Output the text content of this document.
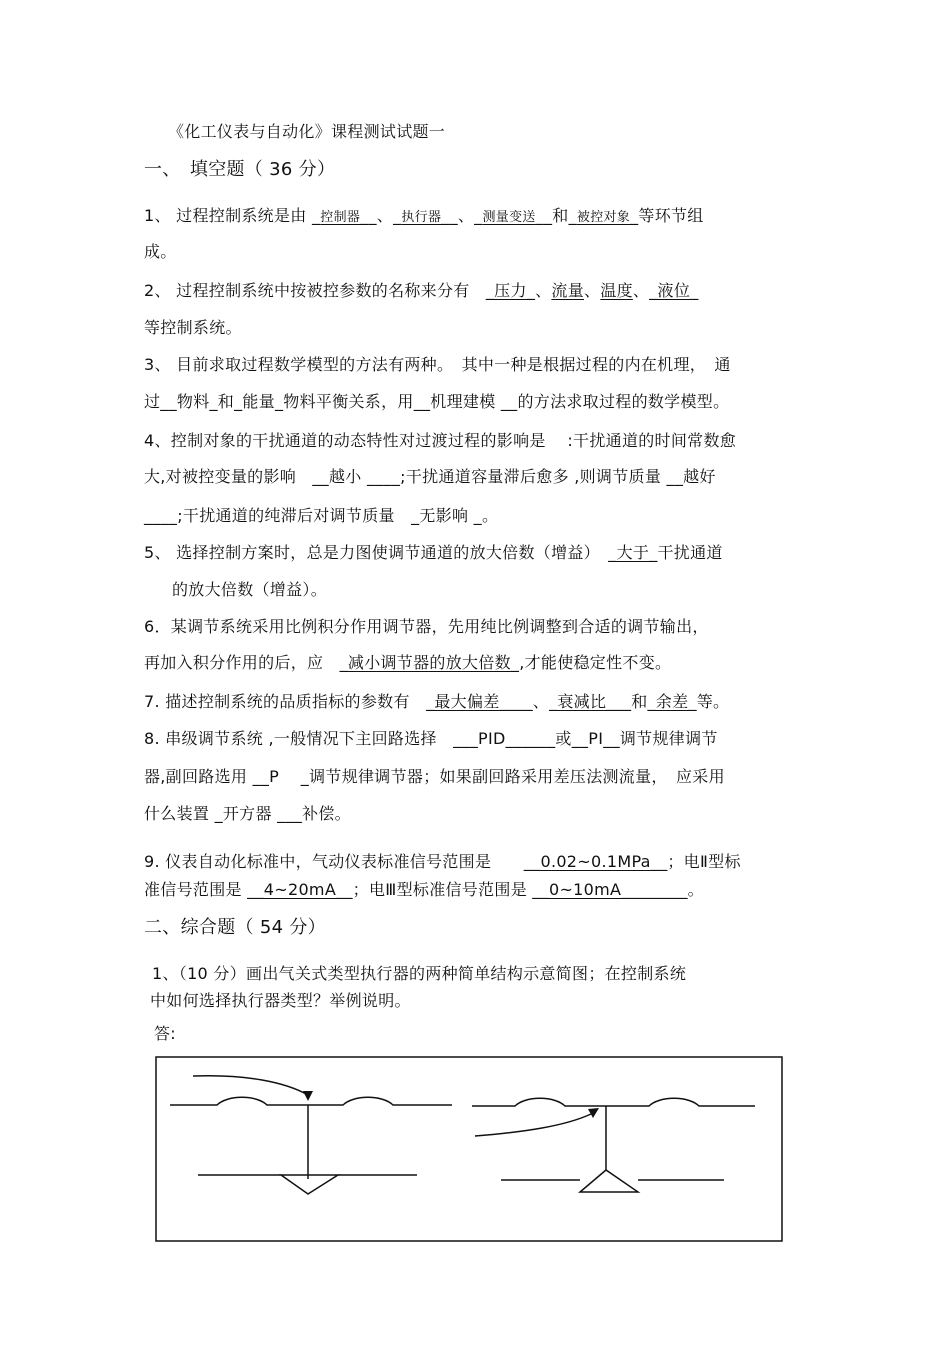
《化工仪表与自动化》课程测试试题一
一、　填空题（ 36 分）
1、 过程控制系统是由 _控制器__、_执行器__、_测量变送__和_被控对象_等环节组
成。
2、 过程控制系统中按被控参数的名称来分有　_压力_、流量、温度、_液位_
等控制系统。
3、 目前求取过程数学模型的方法有两种。　其中一种是根据过程的内在机理，　通
过__物料_和_能量_物料平衡关系，用__机理建模 __的方法求取过程的数学模型。
4、控制对象的干扰通道的动态特性对过渡过程的影响是　 :干扰通道的时间常数愈
大,对被控变量的影响　__越小 ____;干扰通道容量滞后愈多 ,则调节质量 __越好
____;干扰通道的纯滞后对调节质量　_无影响 _。
5、 选择控制方案时，总是力图使调节通道的放大倍数（增益）　_大于_干扰通道
的放大倍数（增益）。
6．某调节系统采用比例积分作用调节器，先用纯比例调整到合适的调节输出，
再加入积分作用的后，应　_减小调节器的放大倍数_,才能使稳定性不变。
7. 描述控制系统的品质指标的参数有　_最大偏差____、_衰减比___和_余差_等。
8. 串级调节系统 ,一般情况下主回路选择　___PID______或__PI__调节规律调节
器,副回路选用 __P　 _调节规律调节器；如果副回路采用差压法测流量，　应采用
什么装置 _开方器 ___补偿。
9. 仪表自动化标准中，气动仪表标准信号范围是　　__0.02~0.1MPa__；电Ⅱ型标
准信号范围是 __4~20mA__；电Ⅲ型标准信号范围是 __0~10mA________。
二、综合题（ 54 分）
1、（10 分）画出气关式类型执行器的两种简单结构示意简图；在控制系统
中如何选择执行器类型？举例说明。
答:
